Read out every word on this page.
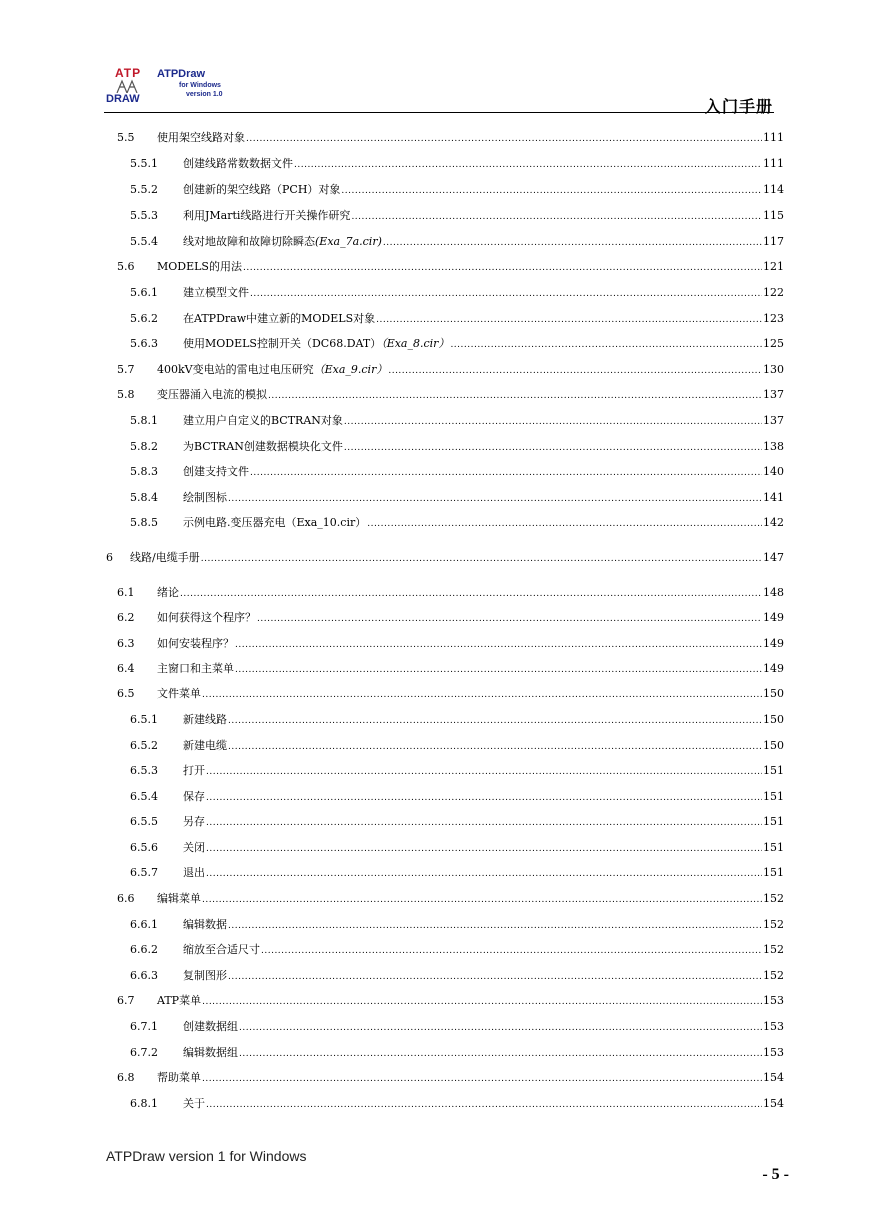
ATP
DRAW
ATPDraw
for Windows
version 1.0
入门手册
5.5	使用架空线路对象 .....	111
5.5.1	创建线路常数数据文件 .....	111
5.5.2	创建新的架空线路（PCH）对象 .....	114
5.5.3	利用JMarti线路进行开关操作研究 .....	115
5.5.4	线对地故障和故障切除瞬态(Exa_7a.cir) .....	117
5.6	MODELS的用法 .....	121
5.6.1	建立模型文件 .....	122
5.6.2	在ATPDraw中建立新的MODELS对象 .....	123
5.6.3	使用MODELS控制开关（DC68.DAT）（Exa_8.cir） .....	125
5.7	400kV变电站的雷电过电压研究（Exa_9.cir） .....	130
5.8	变压器涌入电流的模拟 .....	137
5.8.1	建立用户自定义的BCTRAN对象 .....	137
5.8.2	为BCTRAN创建数据模块化文件 .....	138
5.8.3	创建支持文件 .....	140
5.8.4	绘制图标 .....	141
5.8.5	示例电路.变压器充电（Exa_10.cir） .....	142
6	线路/电缆手册 .....	147
6.1	绪论 .....	148
6.2	如何获得这个程序？ .....	149
6.3	如何安装程序？ .....	149
6.4	主窗口和主菜单 .....	149
6.5	文件菜单 .....	150
6.5.1	新建线路 .....	150
6.5.2	新建电缆 .....	150
6.5.3	打开 .....	151
6.5.4	保存 .....	151
6.5.5	另存 .....	151
6.5.6	关闭 .....	151
6.5.7	退出 .....	151
6.6	编辑菜单 .....	152
6.6.1	编辑数据 .....	152
6.6.2	缩放至合适尺寸 .....	152
6.6.3	复制图形 .....	152
6.7	ATP菜单 .....	153
6.7.1	创建数据组 .....	153
6.7.2	编辑数据组 .....	153
6.8	帮助菜单 .....	154
6.8.1	关于 .....	154
ATPDraw version 1 for Windows
- 5 -
